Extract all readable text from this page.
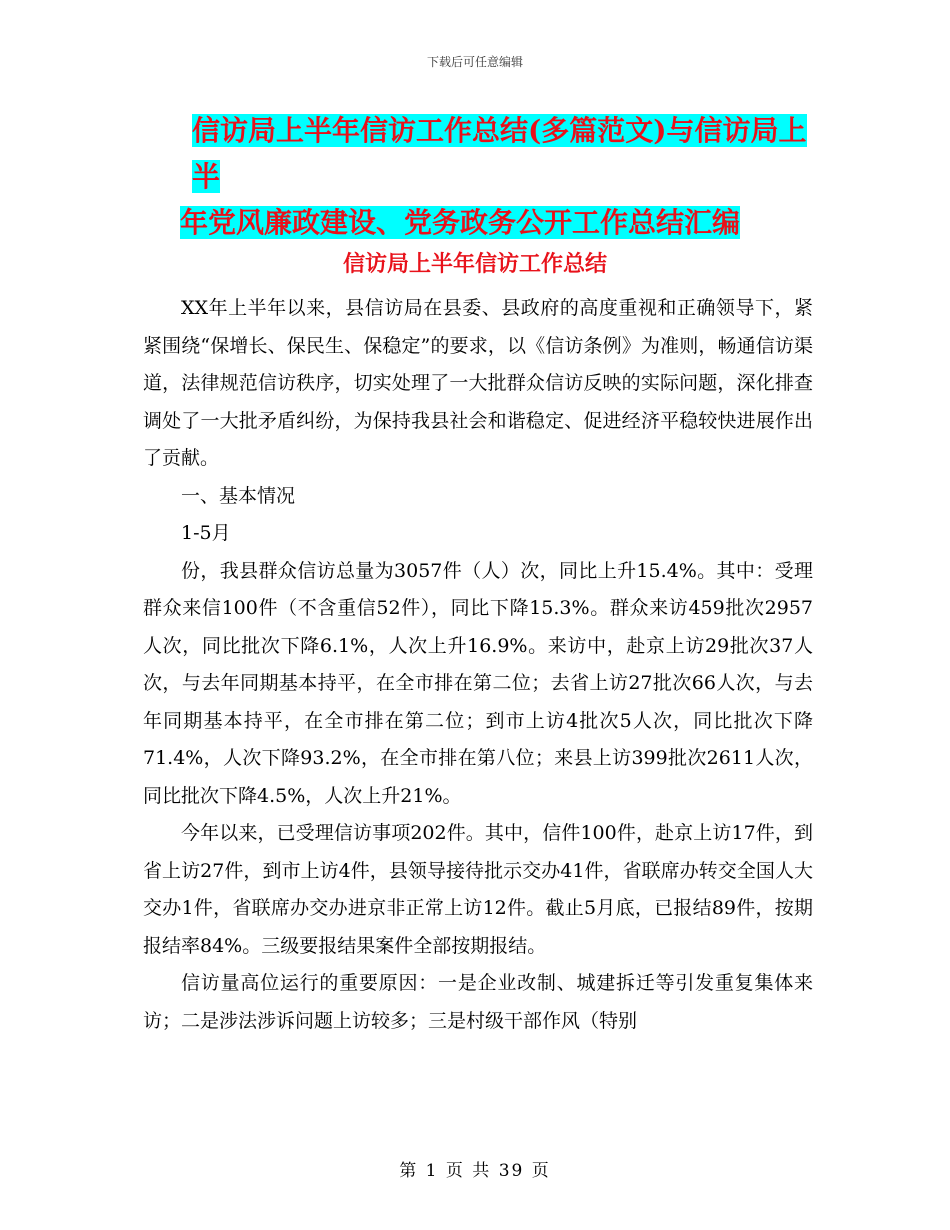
下载后可任意编辑
信访局上半年信访工作总结(多篇范文)与信访局上半
年党风廉政建设、党务政务公开工作总结汇编
信访局上半年信访工作总结

XX年上半年以来，县信访局在县委、县政府的高度重视和正确领导下，紧紧围绕“保增长、保民生、保稳定”的要求，以《信访条例》为准则，畅通信访渠道，法律规范信访秩序，切实处理了一大批群众信访反映的实际问题，深化排查调处了一大批矛盾纠纷，为保持我县社会和谐稳定、促进经济平稳较快进展作出了贡献。

一、基本情况

1-5月

份，我县群众信访总量为3057件（人）次，同比上升15.4%。其中：受理群众来信100件（不含重信52件），同比下降15.3%。群众来访459批次2957人次，同比批次下降6.1%，人次上升16.9%。来访中，赴京上访29批次37人次，与去年同期基本持平，在全市排在第二位；去省上访27批次66人次，与去年同期基本持平，在全市排在第二位；到市上访4批次5人次，同比批次下降71.4%，人次下降93.2%，在全市排在第八位；来县上访399批次2611人次，同比批次下降4.5%，人次上升21%。

今年以来，已受理信访事项202件。其中，信件100件，赴京上访17件，到省上访27件，到市上访4件，县领导接待批示交办41件，省联席办转交全国人大交办1件，省联席办交办进京非正常上访12件。截止5月底，已报结89件，按期报结率84%。三级要报结果案件全部按期报结。

信访量高位运行的重要原因：一是企业改制、城建拆迁等引发重复集体来访；二是涉法涉诉问题上访较多；三是村级干部作风（特别

第 1 页 共 39 页
